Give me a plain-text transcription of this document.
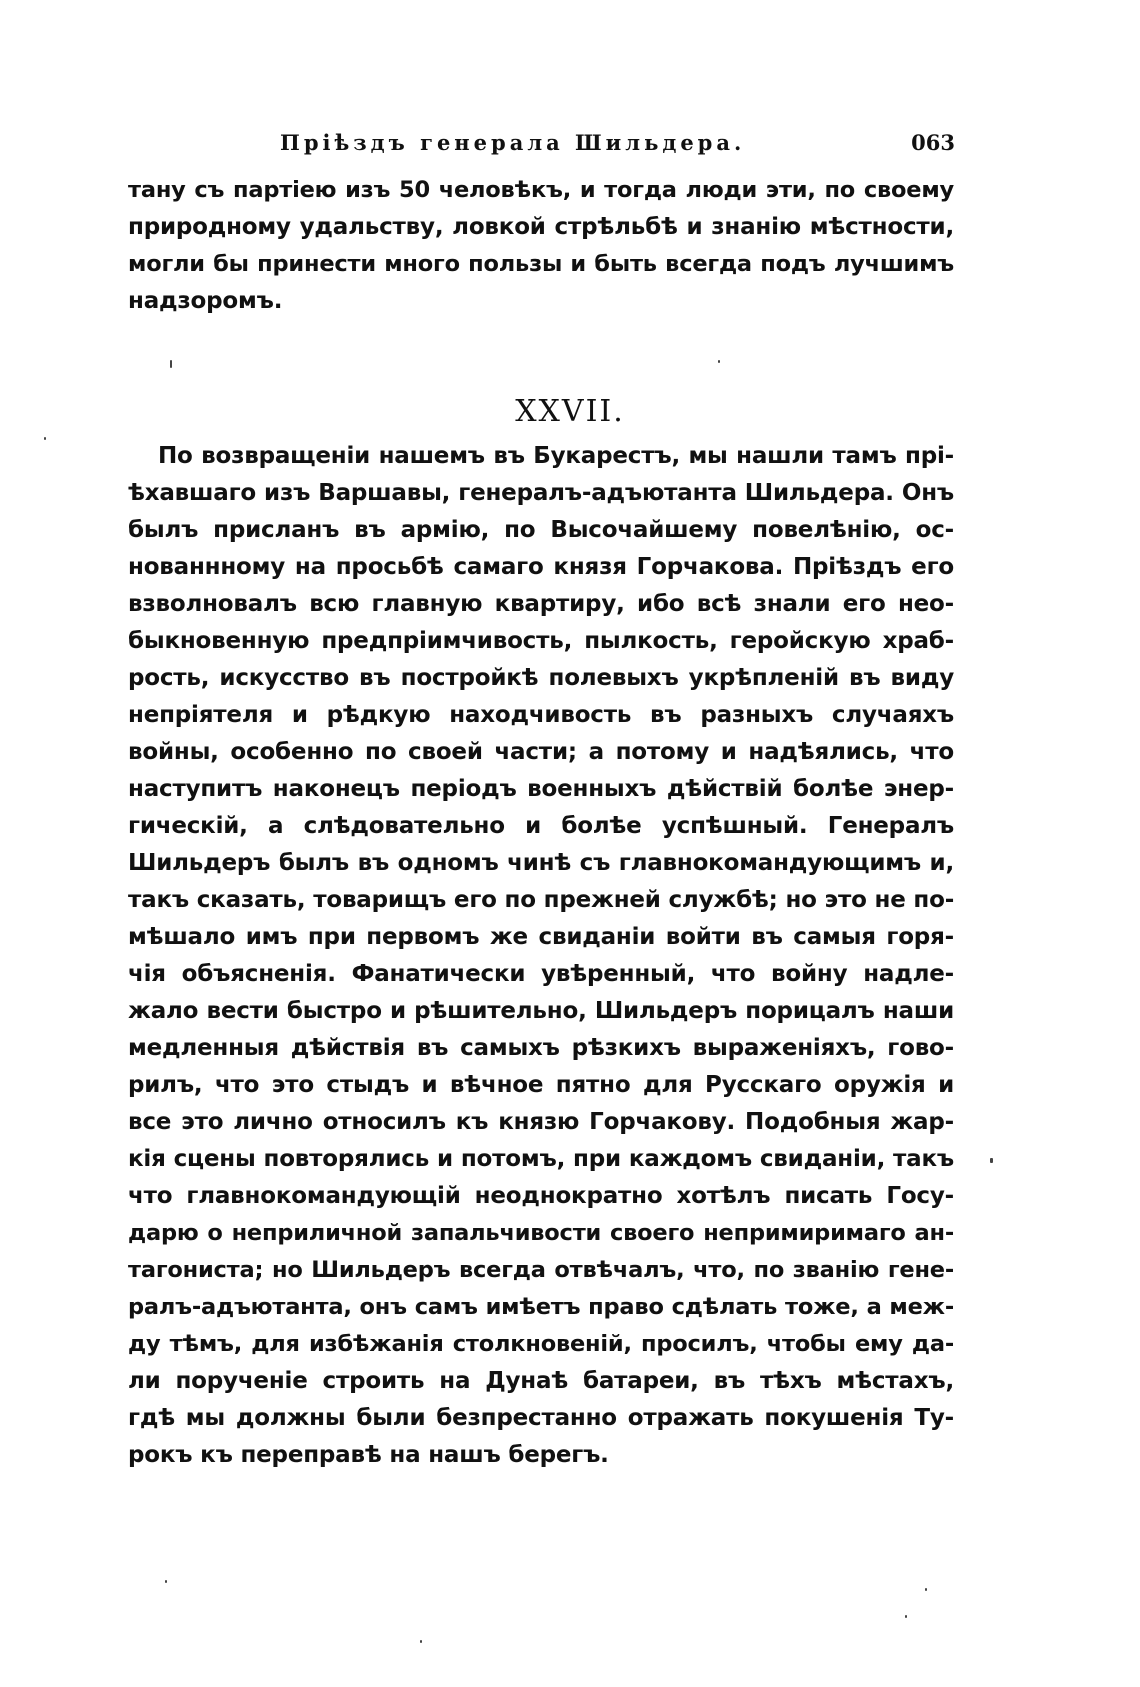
Пріѣздъ генерала Шильдера.	063
тану съ партіею изъ 50 человѣкъ, и тогда люди эти, по своему
природному удальству, ловкой стрѣльбѣ и знанію мѣстности,
могли бы принести много пользы и быть всегда подъ лучшимъ
надзоромъ.
XXVII.
По возвращеніи нашемъ въ Букарестъ, мы нашли тамъ прі-
ѣхавшаго изъ Варшавы, генералъ-адъютанта Шильдера. Онъ
былъ присланъ въ армію, по Высочайшему повелѣнію, ос-
нованнному на просьбѣ самаго князя Горчакова. Пріѣздъ его
взволновалъ всю главную квартиру, ибо всѣ знали его нео-
быкновенную предпріимчивость, пылкость, геройскую храб-
рость, искусство въ постройкѣ полевыхъ укрѣпленій въ виду
непріятеля и рѣдкую находчивость въ разныхъ случаяхъ
войны, особенно по своей части; а потому и надѣялись, что
наступитъ наконецъ періодъ военныхъ дѣйствій болѣе энер-
гическій, а слѣдовательно и болѣе успѣшный. Генералъ
Шильдеръ былъ въ одномъ чинѣ съ главнокомандующимъ и,
такъ сказать, товарищъ его по прежней службѣ; но это не по-
мѣшало имъ при первомъ же свиданіи войти въ самыя горя-
чія объясненія. Фанатически увѣренный, что войну надле-
жало вести быстро и рѣшительно, Шильдеръ порицалъ наши
медленныя дѣйствія въ самыхъ рѣзкихъ выраженіяхъ, гово-
рилъ, что это стыдъ и вѣчное пятно для Русскаго оружія и
все это лично относилъ къ князю Горчакову. Подобныя жар-
кія сцены повторялись и потомъ, при каждомъ свиданіи, такъ
что главнокомандующій неоднократно хотѣлъ писать Госу-
дарю о неприличной запальчивости своего непримиримаго ан-
тагониста; но Шильдеръ всегда отвѣчалъ, что, по званію гене-
ралъ-адъютанта, онъ самъ имѣетъ право сдѣлать тоже, а меж-
ду тѣмъ, для избѣжанія столкновеній, просилъ, чтобы ему да-
ли порученіе строить на Дунаѣ батареи, въ тѣхъ мѣстахъ,
гдѣ мы должны были безпрестанно отражать покушенія Ту-
рокъ къ переправѣ на нашъ берегъ.
